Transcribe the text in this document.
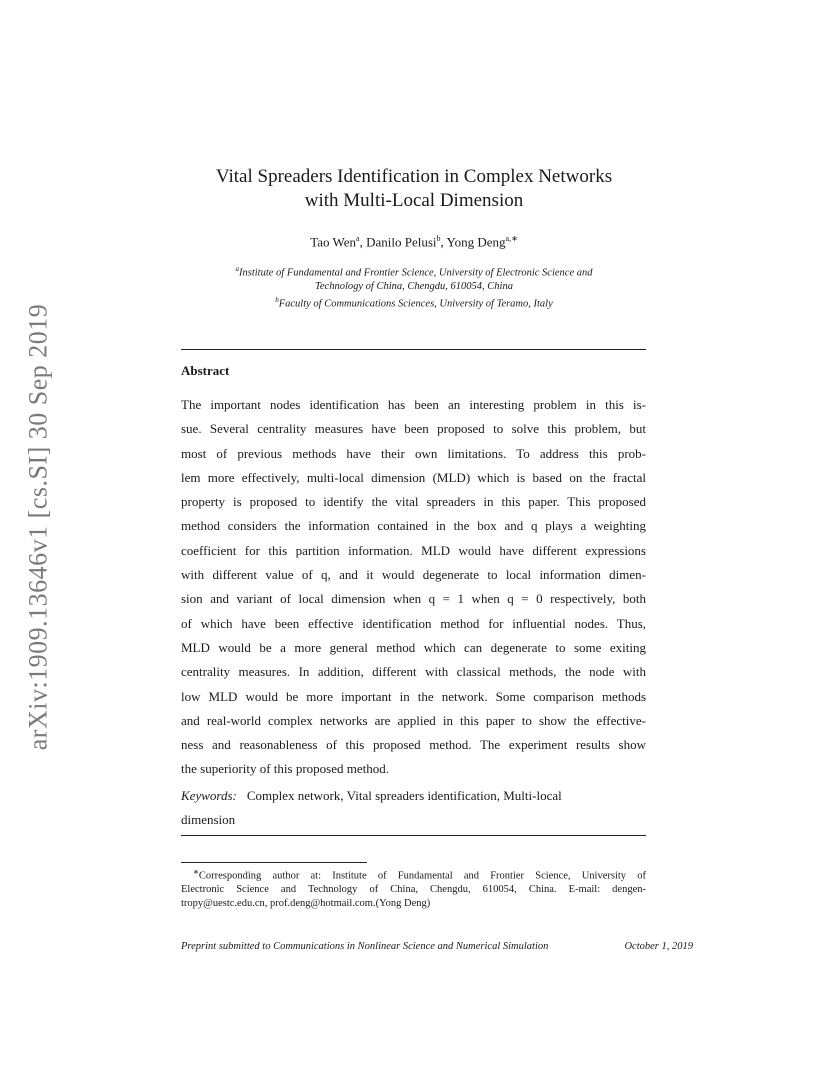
arXiv:1909.13646v1 [cs.SI] 30 Sep 2019
Vital Spreaders Identification in Complex Networks
with Multi-Local Dimension
Tao Wen$^a$, Danilo Pelusi$^b$, Yong Deng$^{a,∗}$
$^a$Institute of Fundamental and Frontier Science, University of Electronic Science and
Technology of China, Chengdu, 610054, China
$^b$Faculty of Communications Sciences, University of Teramo, Italy
Abstract

The important nodes identification has been an interesting problem in this is-
sue. Several centrality measures have been proposed to solve this problem, but
most of previous methods have their own limitations. To address this prob-
lem more effectively, multi-local dimension (MLD) which is based on the fractal
property is proposed to identify the vital spreaders in this paper. This proposed
method considers the information contained in the box and q plays a weighting
coefficient for this partition information. MLD would have different expressions
with different value of q, and it would degenerate to local information dimen-
sion and variant of local dimension when q = 1 when q = 0 respectively, both
of which have been effective identification method for influential nodes. Thus,
MLD would be a more general method which can degenerate to some exiting
centrality measures. In addition, different with classical methods, the node with
low MLD would be more important in the network. Some comparison methods
and real-world complex networks are applied in this paper to show the effective-
ness and reasonableness of this proposed method. The experiment results show
the superiority of this proposed method.

Keywords: Complex network, Vital spreaders identification, Multi-local
dimension
∗Corresponding author at: Institute of Fundamental and Frontier Science, University of
Electronic Science and Technology of China, Chengdu, 610054, China. E-mail: dengen-
tropy@uestc.edu.cn, prof.deng@hotmail.com.(Yong Deng)
Preprint submitted to Communications in Nonlinear Science and Numerical Simulation	October 1, 2019
